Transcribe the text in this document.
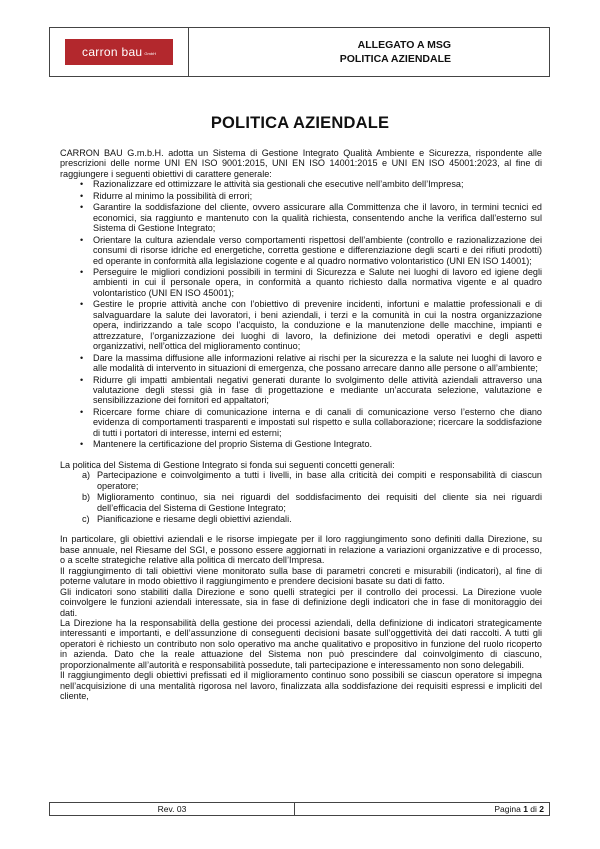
carron bau GmbH
ALLEGATO A MSG
POLITICA AZIENDALE
POLITICA AZIENDALE

CARRON BAU G.m.b.H. adotta un Sistema di Gestione Integrato Qualità Ambiente e Sicurezza, rispondente alle prescrizioni delle norme UNI EN ISO 9001:2015, UNI EN ISO 14001:2015 e UNI EN ISO 45001:2023, al fine di raggiungere i seguenti obiettivi di carattere generale:

• Razionalizzare ed ottimizzare le attività sia gestionali che esecutive nell’ambito dell’Impresa;
• Ridurre al minimo la possibilità di errori;
• Garantire la soddisfazione del cliente, ovvero assicurare alla Committenza che il lavoro, in termini tecnici ed economici, sia raggiunto e mantenuto con la qualità richiesta, consentendo anche la verifica dall’esterno sul Sistema di Gestione Integrato;
• Orientare la cultura aziendale verso comportamenti rispettosi dell’ambiente (controllo e razionalizzazione dei consumi di risorse idriche ed energetiche, corretta gestione e differenziazione degli scarti e dei rifiuti prodotti) ed operante in conformità alla legislazione cogente e al quadro normativo volontaristico (UNI EN ISO 14001);
• Perseguire le migliori condizioni possibili in termini di Sicurezza e Salute nei luoghi di lavoro ed igiene degli ambienti in cui il personale opera, in conformità a quanto richiesto dalla normativa vigente e al quadro volontaristico (UNI EN ISO 45001);
• Gestire le proprie attività anche con l’obiettivo di prevenire incidenti, infortuni e malattie professionali e di salvaguardare la salute dei lavoratori, i beni aziendali, i terzi e la comunità in cui la nostra organizzazione opera, indirizzando a tale scopo l’acquisto, la conduzione e la manutenzione delle macchine, impianti e attrezzature, l’organizzazione dei luoghi di lavoro, la definizione dei metodi operativi e degli aspetti organizzativi, nell’ottica del miglioramento continuo;
• Dare la massima diffusione alle informazioni relative ai rischi per la sicurezza e la salute nei luoghi di lavoro e alle modalità di intervento in situazioni di emergenza, che possano arrecare danno alle persone o all’ambiente;
• Ridurre gli impatti ambientali negativi generati durante lo svolgimento delle attività aziendali attraverso una valutazione degli stessi già in fase di progettazione e mediante un’accurata selezione, valutazione e sensibilizzazione dei fornitori ed appaltatori;
• Ricercare forme chiare di comunicazione interna e di canali di comunicazione verso l’esterno che diano evidenza di comportamenti trasparenti e impostati sul rispetto e sulla collaborazione; ricercare la soddisfazione di tutti i portatori di interesse, interni ed esterni;
• Mantenere la certificazione del proprio Sistema di Gestione Integrato.

La politica del Sistema di Gestione Integrato si fonda sui seguenti concetti generali:

a) Partecipazione e coinvolgimento a tutti i livelli, in base alla criticità dei compiti e responsabilità di ciascun operatore;
b) Miglioramento continuo, sia nei riguardi del soddisfacimento dei requisiti del cliente sia nei riguardi dell’efficacia del Sistema di Gestione Integrato;
c) Pianificazione e riesame degli obiettivi aziendali.

In particolare, gli obiettivi aziendali e le risorse impiegate per il loro raggiungimento sono definiti dalla Direzione, su base annuale, nel Riesame del SGI, e possono essere aggiornati in relazione a variazioni organizzative e di processo, o a scelte strategiche relative alla politica di mercato dell’Impresa.

Il raggiungimento di tali obiettivi viene monitorato sulla base di parametri concreti e misurabili (indicatori), al fine di poterne valutare in modo obiettivo il raggiungimento e prendere decisioni basate su dati di fatto.

Gli indicatori sono stabiliti dalla Direzione e sono quelli strategici per il controllo dei processi. La Direzione vuole coinvolgere le funzioni aziendali interessate, sia in fase di definizione degli indicatori che in fase di monitoraggio dei dati.

La Direzione ha la responsabilità della gestione dei processi aziendali, della definizione di indicatori strategicamente interessanti e importanti, e dell’assunzione di conseguenti decisioni basate sull’oggettività dei dati raccolti. A tutti gli operatori è richiesto un contributo non solo operativo ma anche qualitativo e propositivo in funzione del ruolo ricoperto in azienda. Dato che la reale attuazione del Sistema non può prescindere dal coinvolgimento di ciascuno, proporzionalmente all’autorità e responsabilità possedute, tali partecipazione e interessamento non sono delegabili.

Il raggiungimento degli obiettivi prefissati ed il miglioramento continuo sono possibili se ciascun operatore si impegna nell’acquisizione di una mentalità rigorosa nel lavoro, finalizzata alla soddisfazione dei requisiti espressi e impliciti del cliente,

Rev. 03	Pagina 1 di 2
